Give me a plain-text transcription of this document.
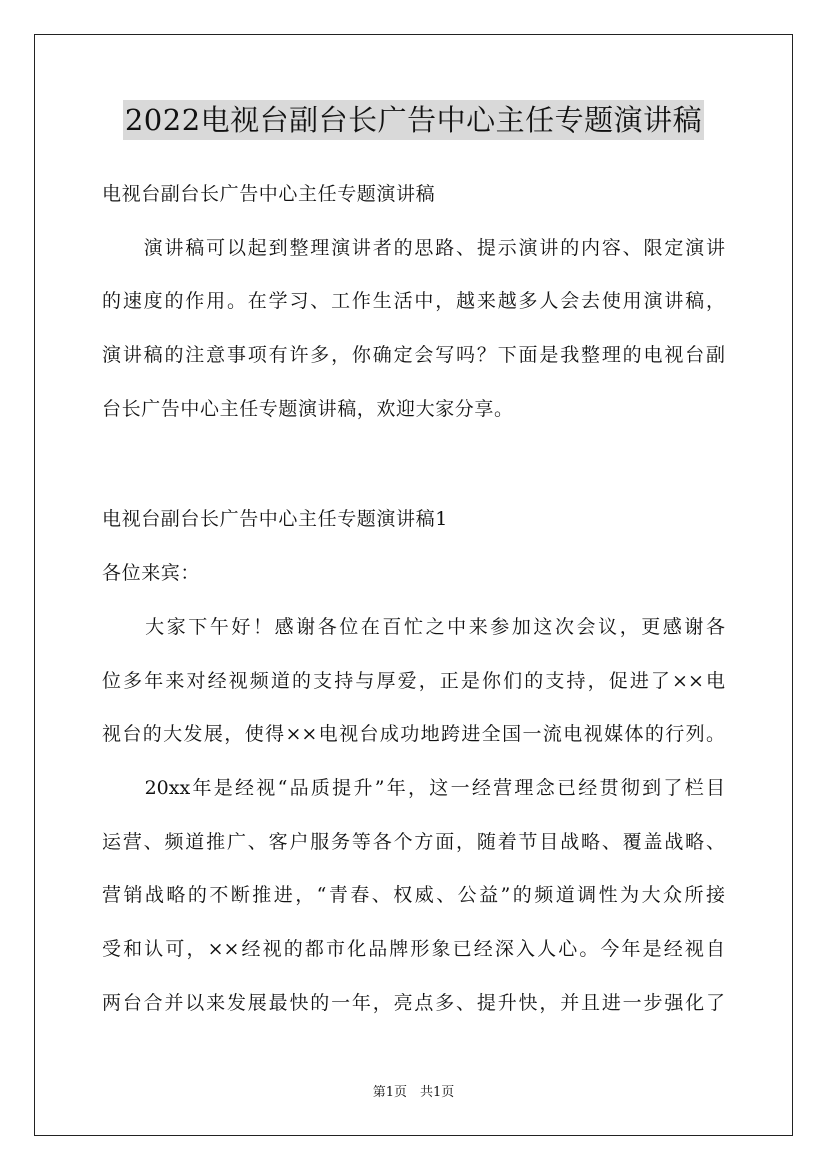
2022电视台副台长广告中心主任专题演讲稿
电视台副台长广告中心主任专题演讲稿
　　演讲稿可以起到整理演讲者的思路、提示演讲的内容、限定演讲
的速度的作用。在学习、工作生活中，越来越多人会去使用演讲稿，
演讲稿的注意事项有许多，你确定会写吗？下面是我整理的电视台副
台长广告中心主任专题演讲稿，欢迎大家分享。
电视台副台长广告中心主任专题演讲稿1
各位来宾：
　　大家下午好！感谢各位在百忙之中来参加这次会议，更感谢各
位多年来对经视频道的支持与厚爱，正是你们的支持，促进了××电
视台的大发展，使得××电视台成功地跨进全国一流电视媒体的行列。
　　20xx年是经视“品质提升”年，这一经营理念已经贯彻到了栏目
运营、频道推广、客户服务等各个方面，随着节目战略、覆盖战略、
营销战略的不断推进，“青春、权威、公益”的频道调性为大众所接
受和认可，××经视的都市化品牌形象已经深入人心。今年是经视自
两台合并以来发展最快的一年，亮点多、提升快，并且进一步强化了
第1页　共1页
